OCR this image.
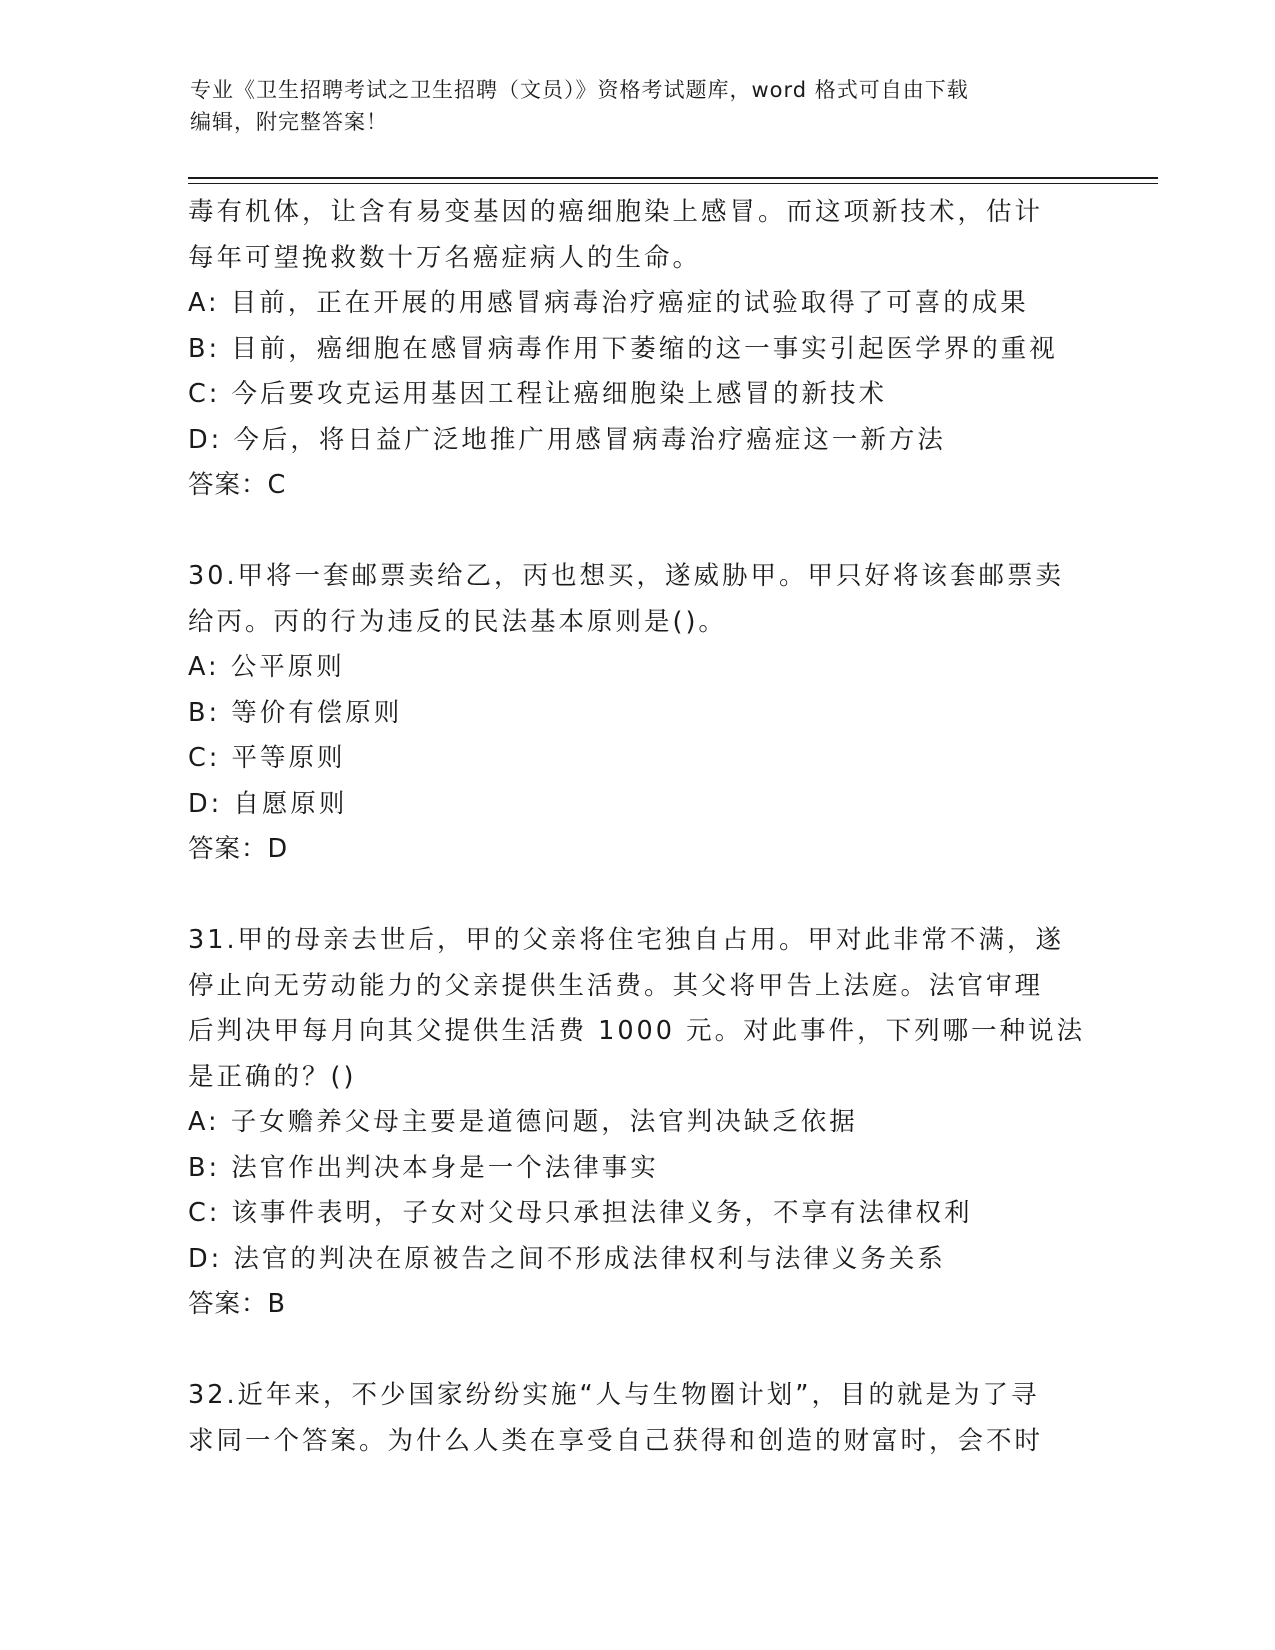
专业《卫生招聘考试之卫生招聘（文员）》资格考试题库，word 格式可自由下载
编辑，附完整答案！
毒有机体，让含有易变基因的癌细胞染上感冒。而这项新技术，估计
每年可望挽救数十万名癌症病人的生命。
A: 目前，正在开展的用感冒病毒治疗癌症的试验取得了可喜的成果
B: 目前，癌细胞在感冒病毒作用下萎缩的这一事实引起医学界的重视
C: 今后要攻克运用基因工程让癌细胞染上感冒的新技术
D: 今后，将日益广泛地推广用感冒病毒治疗癌症这一新方法
答案：C
30.甲将一套邮票卖给乙，丙也想买，遂威胁甲。甲只好将该套邮票卖
给丙。丙的行为违反的民法基本原则是()。
A: 公平原则
B: 等价有偿原则
C: 平等原则
D: 自愿原则
答案：D
31.甲的母亲去世后，甲的父亲将住宅独自占用。甲对此非常不满，遂
停止向无劳动能力的父亲提供生活费。其父将甲告上法庭。法官审理
后判决甲每月向其父提供生活费 1000 元。对此事件，下列哪一种说法
是正确的？()
A: 子女赡养父母主要是道德问题，法官判决缺乏依据
B: 法官作出判决本身是一个法律事实
C: 该事件表明，子女对父母只承担法律义务，不享有法律权利
D: 法官的判决在原被告之间不形成法律权利与法律义务关系
答案：B
32.近年来，不少国家纷纷实施“人与生物圈计划”，目的就是为了寻
求同一个答案。为什么人类在享受自己获得和创造的财富时，会不时
